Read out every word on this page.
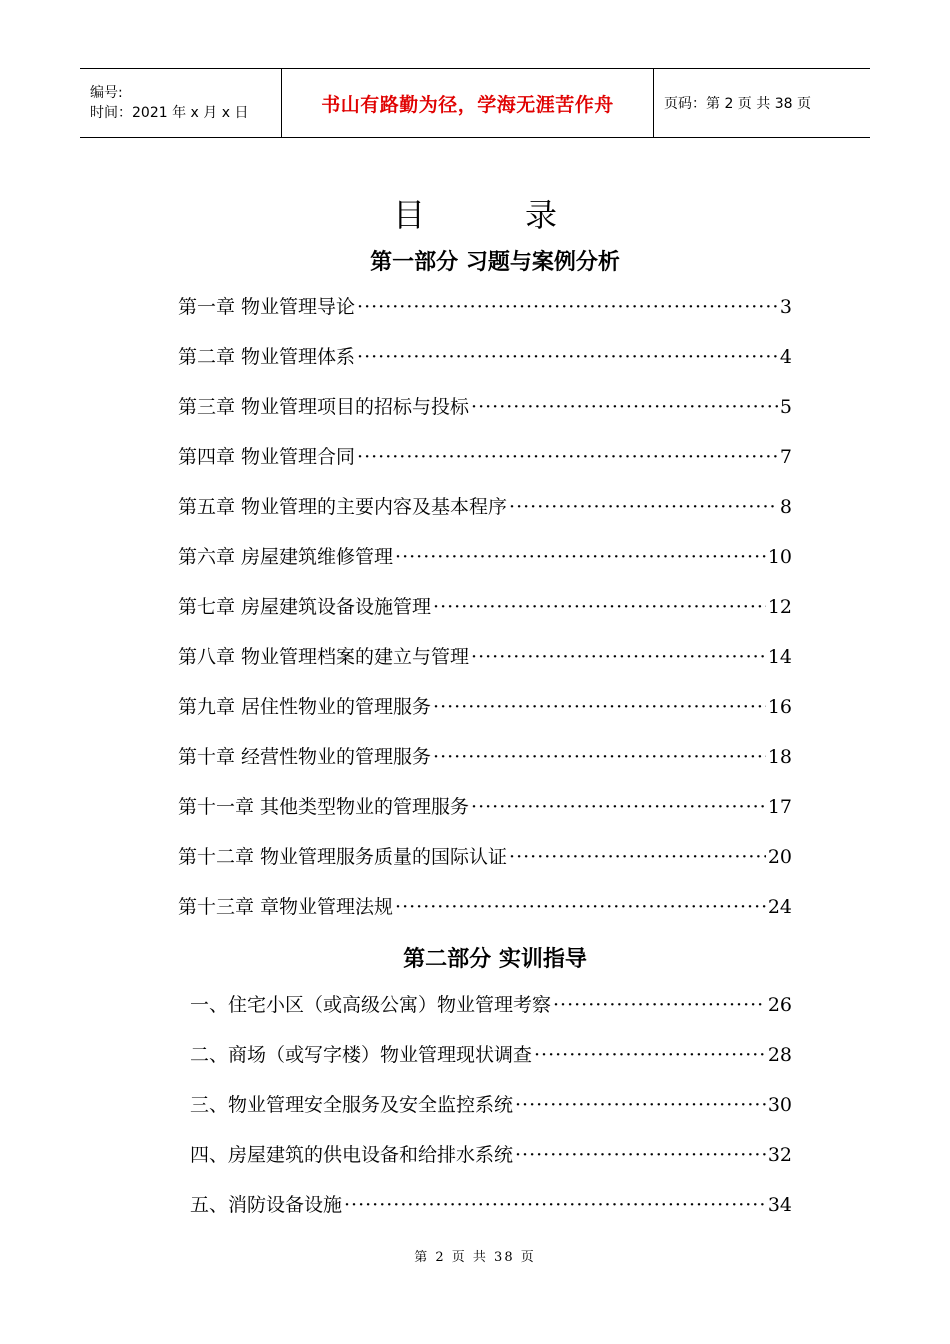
编号:
时间：2021 年 x 月 x 日	书山有路勤为径，学海无涯苦作舟	页码：第 2 页 共 38 页
目录
第一部分 习题与案例分析
第一章 物业管理导论 ·····	3
第二章 物业管理体系 ·····	4
第三章 物业管理项目的招标与投标 ·····	5
第四章 物业管理合同 ·····	7
第五章 物业管理的主要内容及基本程序 ·····	8
第六章 房屋建筑维修管理 ·····	10
第七章 房屋建筑设备设施管理 ·····	12
第八章 物业管理档案的建立与管理 ·····	14
第九章 居住性物业的管理服务 ·····	16
第十章 经营性物业的管理服务 ·····	18
第十一章 其他类型物业的管理服务 ·····	17
第十二章 物业管理服务质量的国际认证 ·····	20
第十三章 章物业管理法规 ·····	24
第二部分 实训指导
一、住宅小区（或高级公寓）物业管理考察 ·····	26
二、商场（或写字楼）物业管理现状调查 ·····	28
三、物业管理安全服务及安全监控系统 ·····	30
四、房屋建筑的供电设备和给排水系统 ·····	32
五、消防设备设施 ·····	34
第 2 页 共 38 页
